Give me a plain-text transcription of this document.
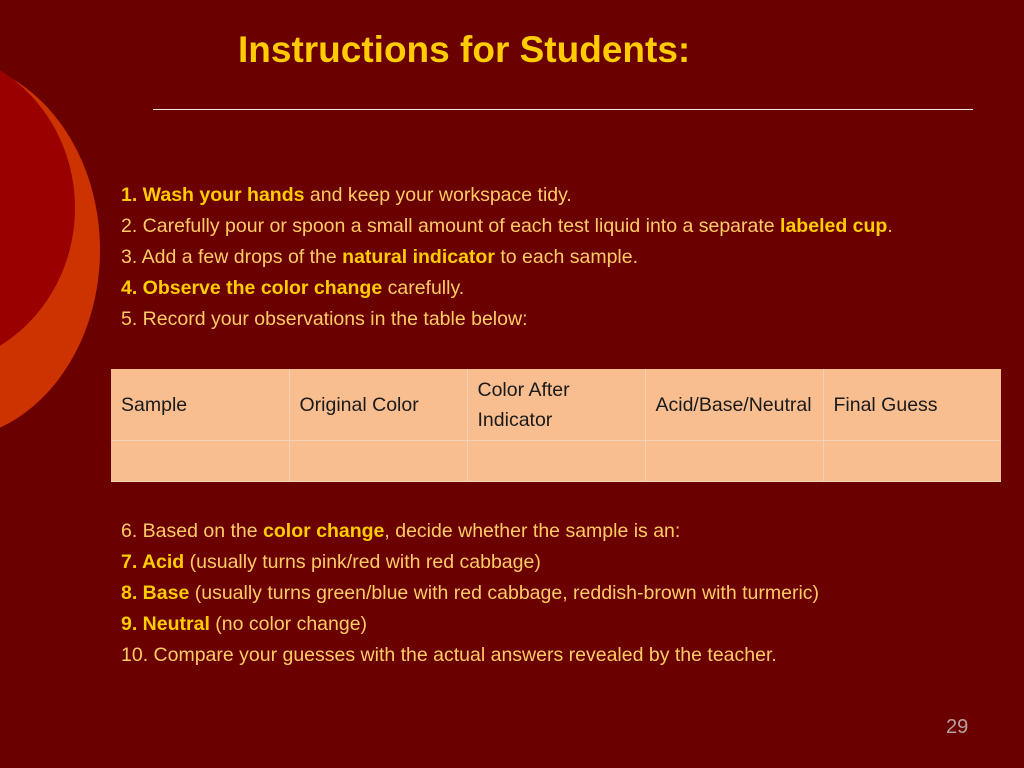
Instructions for Students:

1. Wash your hands and keep your workspace tidy.

2. Carefully pour or spoon a small amount of each test liquid into a separate labeled cup.

3. Add a few drops of the natural indicator to each sample.

4. Observe the color change carefully.

5. Record your observations in the table below:

Sample	Original Color	Color After Indicator	Acid/Base/Neutral	Final Guess

6. Based on the color change, decide whether the sample is an:

7. Acid (usually turns pink/red with red cabbage)

8. Base (usually turns green/blue with red cabbage, reddish-brown with turmeric)

9. Neutral (no color change)

10. Compare your guesses with the actual answers revealed by the teacher.

29
